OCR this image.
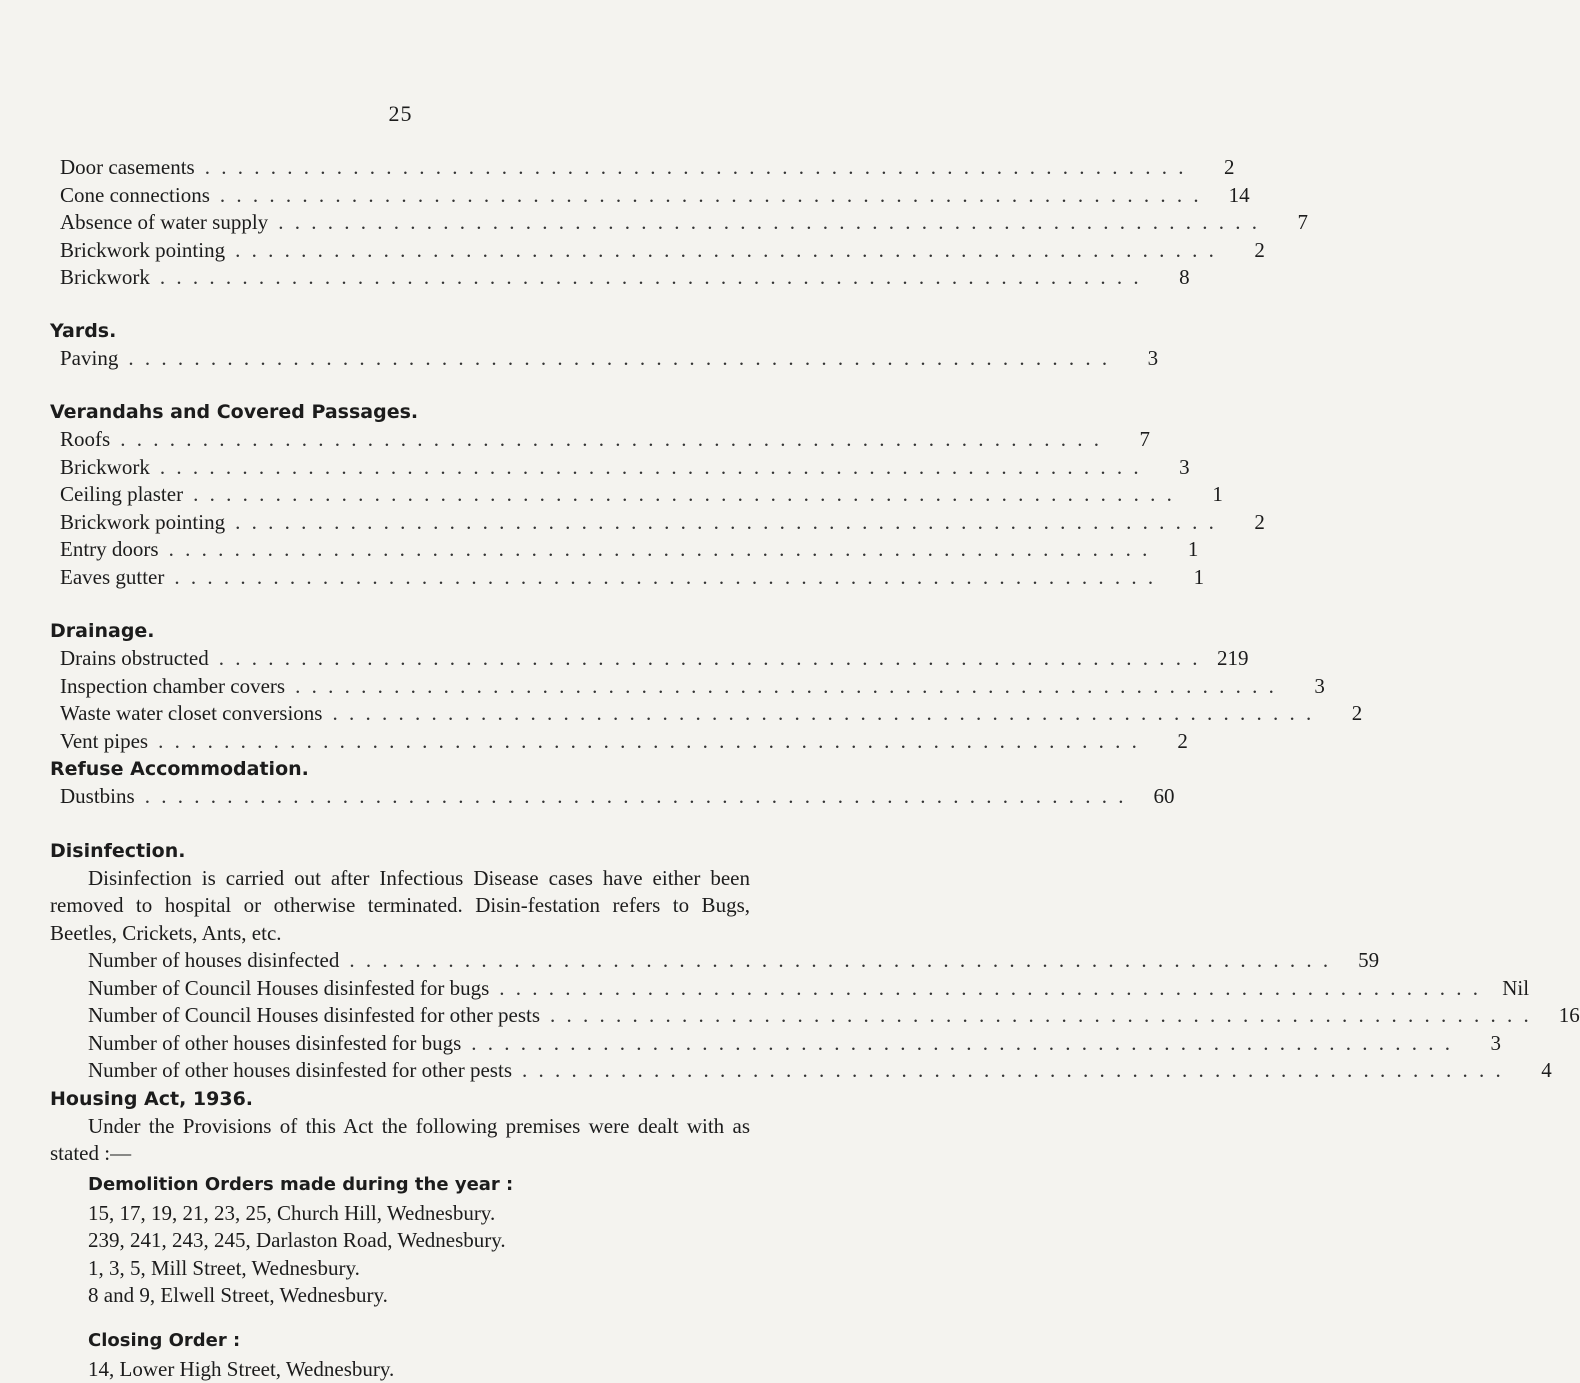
25
Door casements . . . . . . . . . . . . . . . . . . . . . . . . . . . . . . . . . . . . . . . . . . . . . . . . . . . . . . . . . . . .	2
Cone connections . . . . . . . . . . . . . . . . . . . . . . . . . . . . . . . . . . . . . . . . . . . . . . . . . . . . . . . . . . . .	14
Absence of water supply . . . . . . . . . . . . . . . . . . . . . . . . . . . . . . . . . . . . . . . . . . . . . . . . . . . . . . . . . . . .	7
Brickwork pointing . . . . . . . . . . . . . . . . . . . . . . . . . . . . . . . . . . . . . . . . . . . . . . . . . . . . . . . . . . . .	2
Brickwork . . . . . . . . . . . . . . . . . . . . . . . . . . . . . . . . . . . . . . . . . . . . . . . . . . . . . . . . . . . .	8
Yards.
Paving . . . . . . . . . . . . . . . . . . . . . . . . . . . . . . . . . . . . . . . . . . . . . . . . . . . . . . . . . . . .	3
Verandahs and Covered Passages.
Roofs . . . . . . . . . . . . . . . . . . . . . . . . . . . . . . . . . . . . . . . . . . . . . . . . . . . . . . . . . . . .	7
Brickwork . . . . . . . . . . . . . . . . . . . . . . . . . . . . . . . . . . . . . . . . . . . . . . . . . . . . . . . . . . . .	3
Ceiling plaster . . . . . . . . . . . . . . . . . . . . . . . . . . . . . . . . . . . . . . . . . . . . . . . . . . . . . . . . . . . .	1
Brickwork pointing . . . . . . . . . . . . . . . . . . . . . . . . . . . . . . . . . . . . . . . . . . . . . . . . . . . . . . . . . . . .	2
Entry doors . . . . . . . . . . . . . . . . . . . . . . . . . . . . . . . . . . . . . . . . . . . . . . . . . . . . . . . . . . . .	1
Eaves gutter . . . . . . . . . . . . . . . . . . . . . . . . . . . . . . . . . . . . . . . . . . . . . . . . . . . . . . . . . . . .	1
Drainage.
Drains obstructed . . . . . . . . . . . . . . . . . . . . . . . . . . . . . . . . . . . . . . . . . . . . . . . . . . . . . . . . . . . . 219
Inspection chamber covers . . . . . . . . . . . . . . . . . . . . . . . . . . . . . . . . . . . . . . . . . . . . . . . . . . . . . . . . . . . .	3
Waste water closet conversions . . . . . . . . . . . . . . . . . . . . . . . . . . . . . . . . . . . . . . . . . . . . . . . . . . . . . . . . . . . .	2
Vent pipes . . . . . . . . . . . . . . . . . . . . . . . . . . . . . . . . . . . . . . . . . . . . . . . . . . . . . . . . . . . .	2
Refuse Accommodation.
Dustbins . . . . . . . . . . . . . . . . . . . . . . . . . . . . . . . . . . . . . . . . . . . . . . . . . . . . . . . . . . . .	60
Disinfection.

Disinfection is carried out after Infectious Disease cases have either been removed to hospital or otherwise terminated. Disin-festation refers to Bugs, Beetles, Crickets, Ants, etc.

Number of houses disinfected . . . . . . . . . . . . . . . . . . . . . . . . . . . . . . . . . . . . . . . . . . . . . . . . . . . . . . . . . . . .	59
Number of Council Houses disinfested for bugs . . . . . . . . . . . . . . . . . . . . . . . . . . . . . . . . . . . . . . . . . . . . . . . . . . . . . . . . . . . .	Nil
Number of Council Houses disinfested for other pests . . . . . . . . . . . . . . . . . . . . . . . . . . . . . . . . . . . . . . . . . . . . . . . . . . . . . . . . . . . .	16
Number of other houses disinfested for bugs . . . . . . . . . . . . . . . . . . . . . . . . . . . . . . . . . . . . . . . . . . . . . . . . . . . . . . . . . . . .	3
Number of other houses disinfested for other pests . . . . . . . . . . . . . . . . . . . . . . . . . . . . . . . . . . . . . . . . . . . . . . . . . . . . . . . . . . . .	4
Housing Act, 1936.

Under the Provisions of this Act the following premises were dealt with as stated :—

Demolition Orders made during the year :
15, 17, 19, 21, 23, 25, Church Hill, Wednesbury.
239, 241, 243, 245, Darlaston Road, Wednesbury.
1, 3, 5, Mill Street, Wednesbury.
8 and 9, Elwell Street, Wednesbury.
Closing Order :
14, Lower High Street, Wednesbury.
